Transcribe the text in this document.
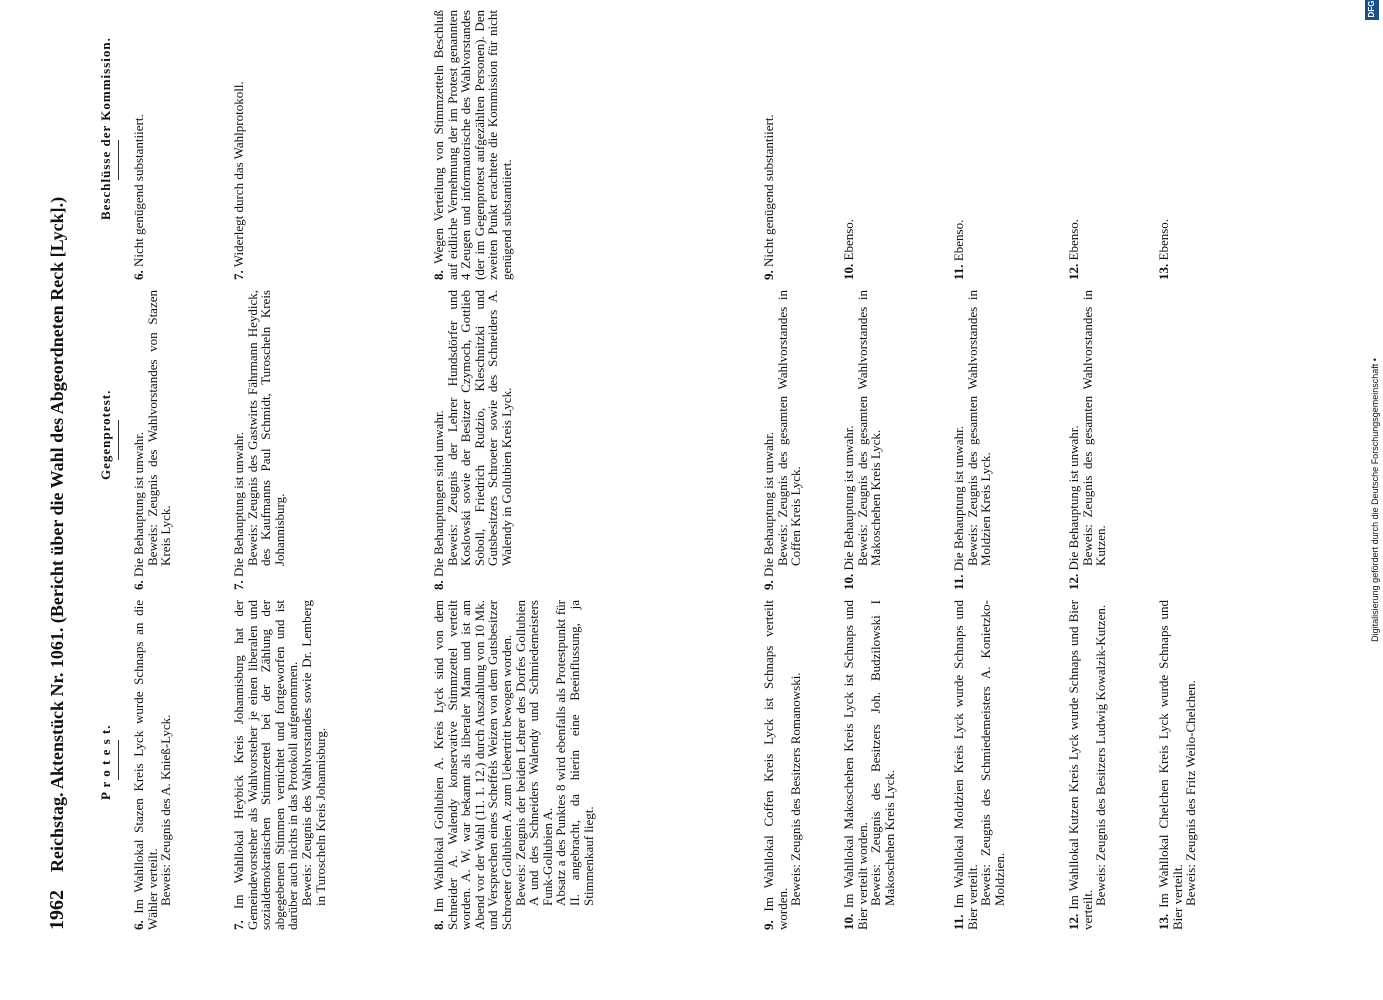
1962
Reichstag. Aktenstück Nr. 1061. (Bericht über die Wahl des Abgeordneten Reck [Lyck].) P r o t e s t.
Gegenprotest.
Beschlüsse der Kommission.

6. Im Wahllokal Stazen Kreis Lyck wurde Schnaps an die Wähler verteilt.

Beweis: Zeugnis des A. Knieß-Lyck.

7. Im Wahllokal Heybick Kreis Johannisburg hat der Gemeindevorsteher als Wahlvorsteher je einen liberalen und sozialdemokratischen Stimmzettel bei der Zählung der abgegebenen Stimmen vernichtet und fortgeworfen und ist darüber auch nichts in das Protokoll aufgenommen.

Beweis: Zeugnis des Wahlvorstandes sowie Dr. Lemberg in Turoscheln Kreis Johannisburg.

8. Im Wahllokal Gollubien A. Kreis Lyck sind von dem Schneider A. Walendy konservative Stimmzettel verteilt worden. A. W. war bekannt als liberaler Mann und ist am Abend vor der Wahl (11. 1. 12.) durch Auszahlung von 10 Mk. und Versprechen eines Scheffels Weizen von dem Gutsbesitzer Schroeter Gollubien A. zum Uebertritt bewogen worden.

Beweis: Zeugnis der beiden Lehrer des Dorfes Gollubien A und des Schneiders Walendy und Schmiedemeisters Funk-Gollubien A.

Absatz a des Punktes 8 wird ebenfalls als Protestpunkt für II. angebracht, da hierin eine Beeinflussung, ja Stimmenkauf liegt.

9. Im Wahllokal Coffen Kreis Lyck ist Schnaps verteilt worden.

Beweis: Zeugnis des Besitzers Romanowski.

10. Im Wahllokal Makoschehen Kreis Lyck ist Schnaps und Bier verteilt worden.

Beweis: Zeugnis des Besitzers Joh. Budzilowski I Makoschehen Kreis Lyck.

11. Im Wahllokal Moldzien Kreis Lyck wurde Schnaps und Bier verteilt.

Beweis: Zeugnis des Schmiedemeisters A. Konietzko-Moldzien.

12. Im Wahllokal Kutzen Kreis Lyck wurde Schnaps und Bier verteilt.

Beweis: Zeugnis des Besitzers Ludwig Kowalzik-Kutzen.

13. Im Wahllokal Chelchen Kreis Lyck wurde Schnaps und Bier verteilt.

Beweis: Zeugnis des Fritz Weilo-Chelchen.

6. Die Behauptung ist unwahr.

Beweis: Zeugnis des Wahlvorstandes von Stazen Kreis Lyck.

7. Die Behauptung ist unwahr.

Beweis: Zeugnis des Gastwirts Fährmann Heydick, des Kaufmanns Paul Schmidt, Turoscheln Kreis Johannisburg.

8. Die Behauptungen sind unwahr.

Beweis: Zeugnis der Lehrer Hundsdörfer und Koslowski sowie der Besitzer Czymoch, Gottlieb Soboll, Friedrich Rudzio, Kleschnitzki und Gutsbesitzers Schroeter sowie des Schneiders A. Walendy in Gollubien Kreis Lyck.

9. Die Behauptung ist unwahr.

Beweis: Zeugnis des gesamten Wahlvorstandes in Coffen Kreis Lyck.

10. Die Behauptung ist unwahr.

Beweis: Zeugnis des gesamten Wahlvorstandes in Makoschehen Kreis Lyck.

11. Die Behauptung ist unwahr.

Beweis: Zeugnis des gesamten Wahlvorstandes in Moldzien Kreis Lyck.

12. Die Behauptung ist unwahr.

Beweis: Zeugnis des gesamten Wahlvorstandes in Kutzen.

6. Nicht genügend substantiiert.

7. Widerlegt durch das Wahlprotokoll.

8. Wegen Verteilung von Stimmzetteln Beschluß auf eidliche Vernehmung der im Protest genannten 4 Zeugen und informatorische des Wahlvorstandes (der im Gegenprotest aufgezählten Personen). Den zweiten Punkt erachtete die Kommission für nicht genügend substantiiert.	9. Nicht genügend substantiiert.

10. Ebenso.

11. Ebenso.

12. Ebenso.

13. Ebenso.

Digitalisierung gefördert durch die Deutsche Forschungsgemeinschaft •
DFG
